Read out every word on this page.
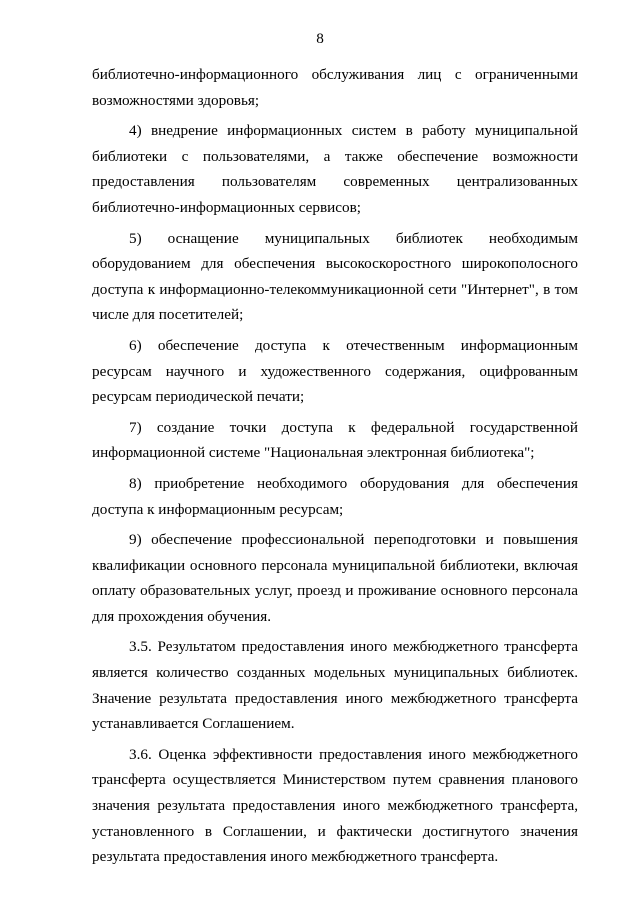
8

библиотечно-информационного обслуживания лиц с ограниченными возможностями здоровья;

4) внедрение информационных систем в работу муниципальной библиотеки с пользователями, а также обеспечение возможности предоставления пользователям современных централизованных библиотечно-информационных сервисов;

5) оснащение муниципальных библиотек необходимым оборудованием для обеспечения высокоскоростного широкополосного доступа к информационно-телекоммуникационной сети "Интернет", в том числе для посетителей;

6) обеспечение доступа к отечественным информационным ресурсам научного и художественного содержания, оцифрованным ресурсам периодической печати;

7) создание точки доступа к федеральной государственной информационной системе "Национальная электронная библиотека";

8) приобретение необходимого оборудования для обеспечения доступа к информационным ресурсам;

9) обеспечение профессиональной переподготовки и повышения квалификации основного персонала муниципальной библиотеки, включая оплату образовательных услуг, проезд и проживание основного персонала для прохождения обучения.

3.5. Результатом предоставления иного межбюджетного трансферта является количество созданных модельных муниципальных библиотек. Значение результата предоставления иного межбюджетного трансферта устанавливается Соглашением.

3.6. Оценка эффективности предоставления иного межбюджетного трансферта осуществляется Министерством путем сравнения планового значения результата предоставления иного межбюджетного трансферта, установленного в Соглашении, и фактически достигнутого значения результата предоставления иного межбюджетного трансферта.
